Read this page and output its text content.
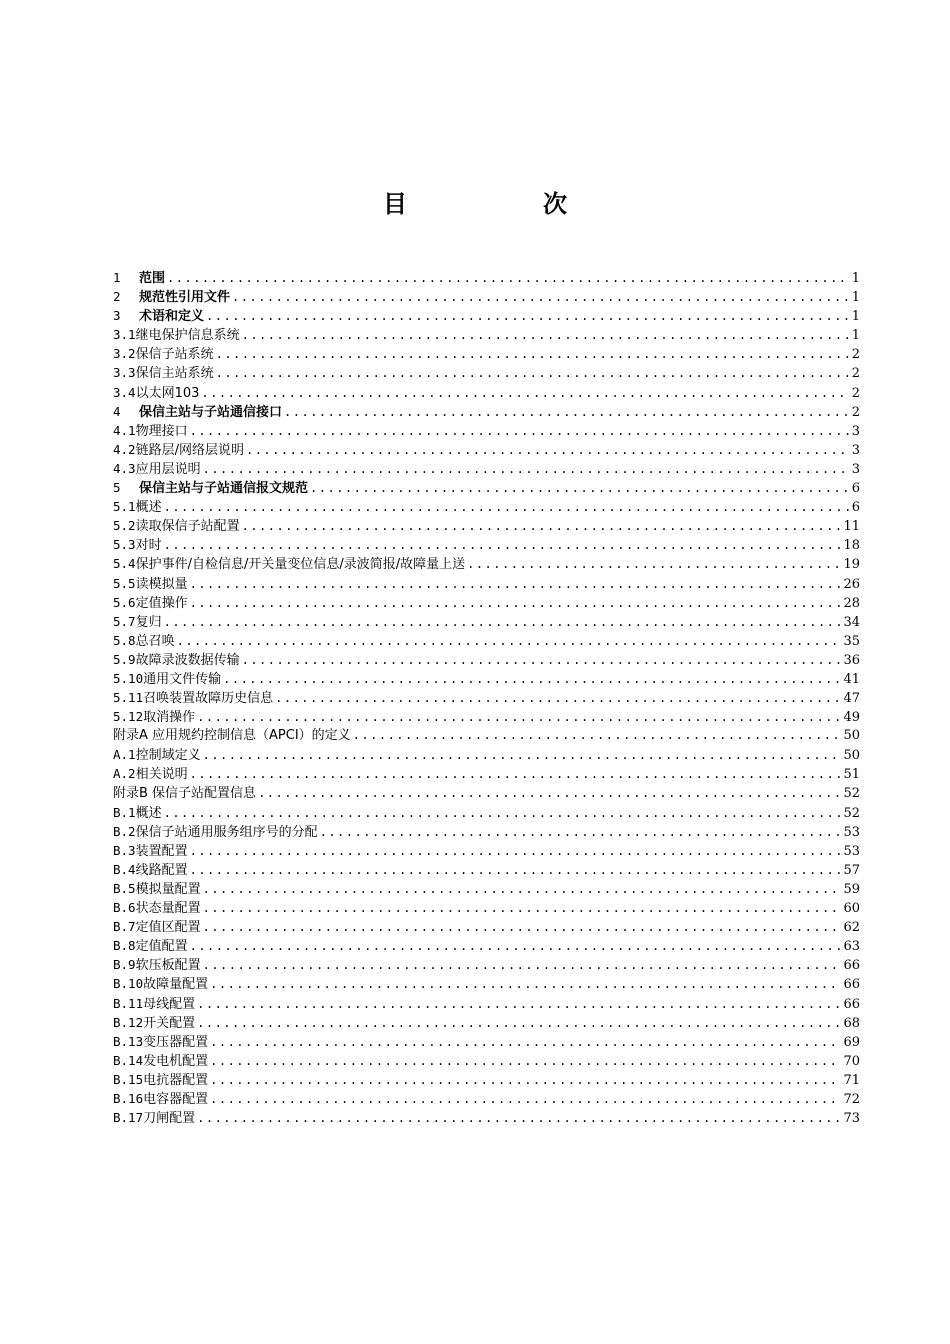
目　次
1	范围 .....	1
2	规范性引用文件 .....	1
3	术语和定义 .....	1
3.1 继电保护信息系统 .....	1
3.2 保信子站系统 .....	2
3.3 保信主站系统 .....	2
3.4 以太网103 .....	2
4	保信主站与子站通信接口 .....	2
4.1 物理接口 .....	3
4.2 链路层/网络层说明 .....	3
4.3 应用层说明 .....	3
5	保信主站与子站通信报文规范 .....	6
5.1 概述 .....	6
5.2 读取保信子站配置 .....	11
5.3 对时 .....	18
5.4 保护事件/自检信息/开关量变位信息/录波简报/故障量上送 .....	19
5.5 读模拟量 .....	26
5.6 定值操作 .....	28
5.7 复归 .....	34
5.8 总召唤 .....	35
5.9 故障录波数据传输 .....	36
5.10 通用文件传输 .....	41
5.11 召唤装置故障历史信息 .....	47
5.12 取消操作 .....	49
附录A 应用规约控制信息（APCI）的定义 .....	50
A.1 控制域定义 .....	50
A.2 相关说明 .....	51
附录B 保信子站配置信息 .....	52
B.1 概述 .....	52
B.2 保信子站通用服务组序号的分配 .....	53
B.3 装置配置 .....	53
B.4 线路配置 .....	57
B.5 模拟量配置 .....	59
B.6 状态量配置 .....	60
B.7 定值区配置 .....	62
B.8 定值配置 .....	63
B.9 软压板配置 .....	66
B.10 故障量配置 .....	66
B.11 母线配置 .....	66
B.12 开关配置 .....	68
B.13 变压器配置 .....	69
B.14 发电机配置 .....	70
B.15 电抗器配置 .....	71
B.16 电容器配置 .....	72
B.17 刀闸配置 .....	73
